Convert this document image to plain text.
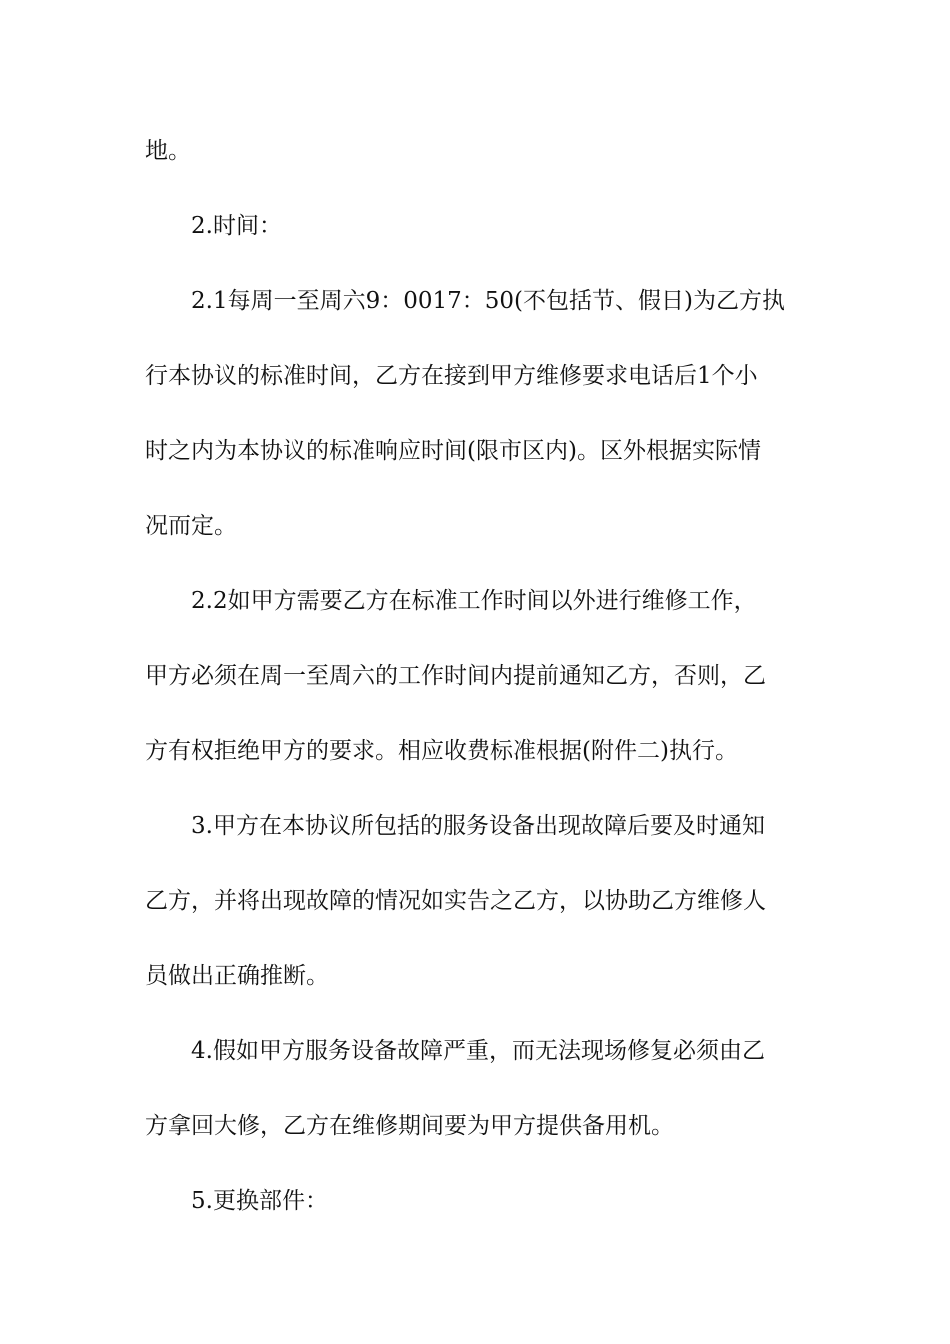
地。
2.时间：
2.1每周一至周六9：0017：50(不包括节、假日)为乙方执
行本协议的标准时间，乙方在接到甲方维修要求电话后1个小
时之内为本协议的标准响应时间(限市区内)。区外根据实际情
况而定。
2.2如甲方需要乙方在标准工作时间以外进行维修工作，
甲方必须在周一至周六的工作时间内提前通知乙方，否则，乙
方有权拒绝甲方的要求。相应收费标准根据(附件二)执行。
3.甲方在本协议所包括的服务设备出现故障后要及时通知
乙方，并将出现故障的情况如实告之乙方，以协助乙方维修人
员做出正确推断。
4.假如甲方服务设备故障严重，而无法现场修复必须由乙
方拿回大修，乙方在维修期间要为甲方提供备用机。
5.更换部件：
